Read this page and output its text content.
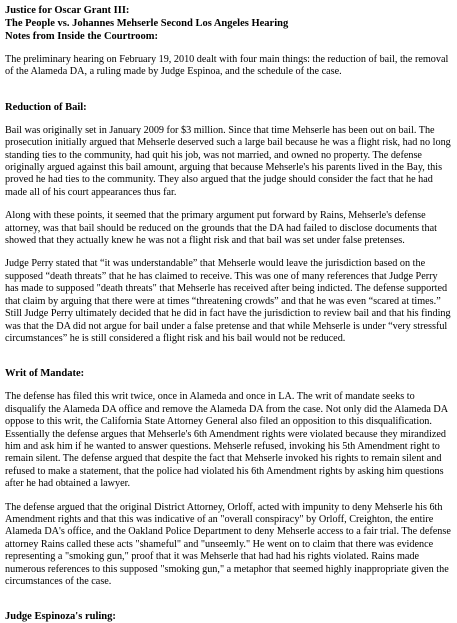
Justice for Oscar Grant III:
The People vs. Johannes Mehserle Second Los Angeles Hearing
Notes from Inside the Courtroom:

The preliminary hearing on February 19, 2010 dealt with four main things: the reduction of bail, the removal of the Alameda DA, a ruling made by Judge Espinoa, and the schedule of the case.

Reduction of Bail:

Bail was originally set in January 2009 for $3 million. Since that time Mehserle has been out on bail. The prosecution initially argued that Mehserle deserved such a large bail because he was a flight risk, had no long standing ties to the community, had quit his job, was not married, and owned no property. The defense originally argued against this bail amount, arguing that because Mehserle's his parents lived in the Bay, this proved he had ties to the community. They also argued that the judge should consider the fact that he had made all of his court appearances thus far.

Along with these points, it seemed that the primary argument put forward by Rains, Mehserle's defense attorney, was that bail should be reduced on the grounds that the DA had failed to disclose documents that showed that they actually knew he was not a flight risk and that bail was set under false pretenses.

Judge Perry stated that “it was understandable” that Mehserle would leave the jurisdiction based on the supposed “death threats” that he has claimed to receive. This was one of many references that Judge Perry has made to supposed "death threats" that Mehserle has received after being indicted. The defense supported that claim by arguing that there were at times “threatening crowds” and that he was even “scared at times.” Still Judge Perry ultimately decided that he did in fact have the jurisdiction to review bail and that his finding was that the DA did not argue for bail under a false pretense and that while Mehserle is under “very stressful circumstances” he is still considered a flight risk and his bail would not be reduced.

Writ of Mandate:

The defense has filed this writ twice, once in Alameda and once in LA. The writ of mandate seeks to disqualify the Alameda DA office and remove the Alameda DA from the case. Not only did the Alameda DA oppose to this writ, the California State Attorney General also filed an opposition to this disqualification. Essentially the defense argues that Mehserle's 6th Amendment rights were violated because they mirandized him and ask him if he wanted to answer questions. Mehserle refused, invoking his 5th Amendment right to remain silent. The defense argued that despite the fact that Mehserle invoked his rights to remain silent and refused to make a statement, that the police had violated his 6th Amendment rights by asking him questions after he had obtained a lawyer.

The defense argued that the original District Attorney, Orloff, acted with impunity to deny Mehserle his 6th Amendment rights and that this was indicative of an "overall conspiracy" by Orloff, Creighton, the entire Alameda DA's office, and the Oakland Police Department to deny Mehserle access to a fair trial. The defense attorney Rains called these acts "shameful" and "unseemly." He went on to claim that there was evidence representing a "smoking gun," proof that it was Mehserle that had had his rights violated. Rains made numerous references to this supposed "smoking gun," a metaphor that seemed highly inappropriate given the circumstances of the case.

Judge Espinoza's ruling:
